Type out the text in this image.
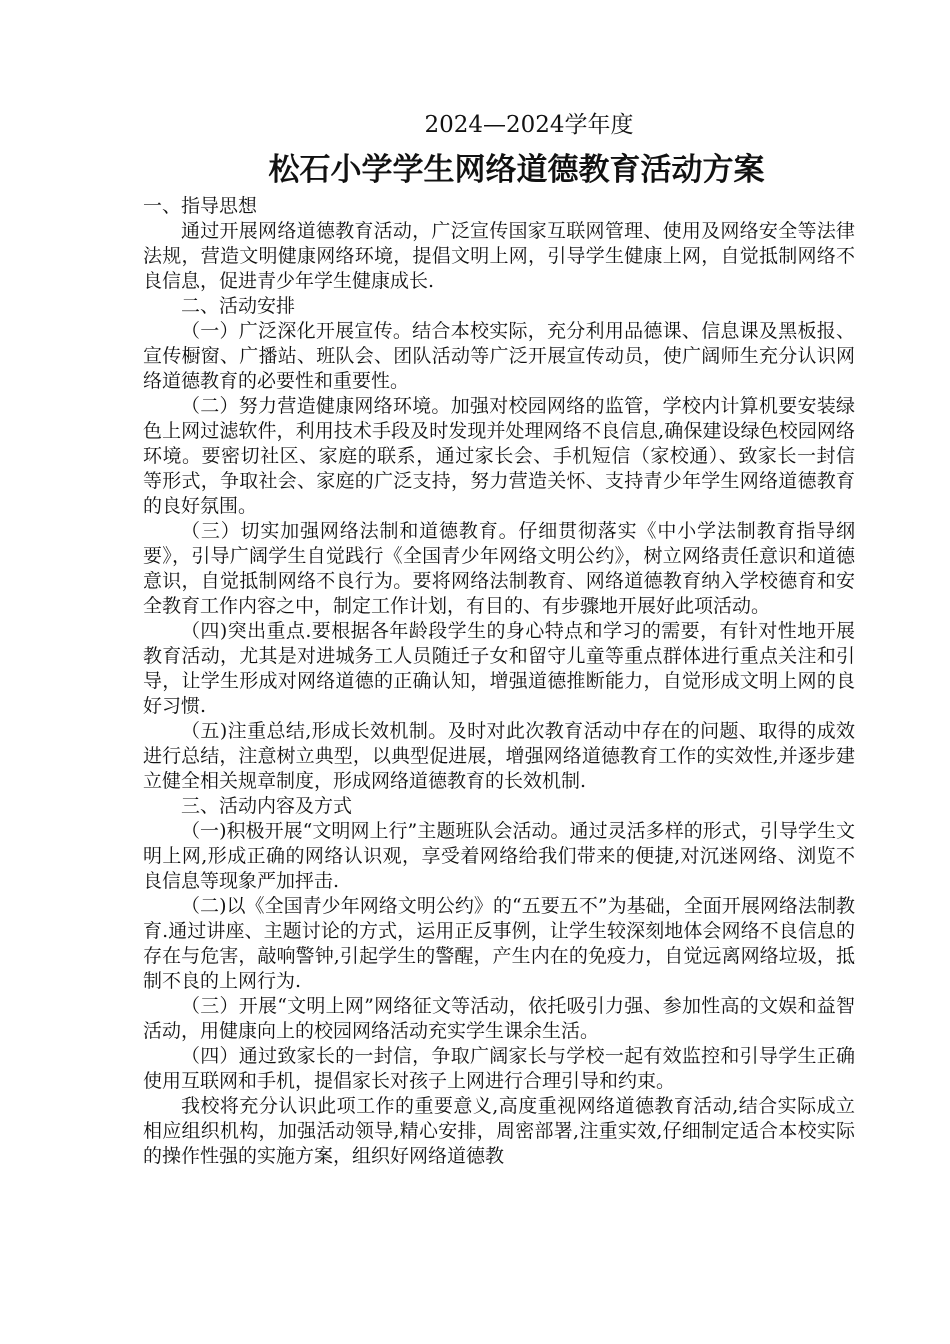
2024—2024学年度
松石小学学生网络道德教育活动方案

一、指导思想

通过开展网络道德教育活动，广泛宣传国家互联网管理、使用及网络安全等法律法规，营造文明健康网络环境，提倡文明上网，引导学生健康上网，自觉抵制网络不良信息，促进青少年学生健康成长.

二、活动安排

（一）广泛深化开展宣传。结合本校实际，充分利用品德课、信息课及黑板报、宣传橱窗、广播站、班队会、团队活动等广泛开展宣传动员，使广阔师生充分认识网络道德教育的必要性和重要性。

（二）努力营造健康网络环境。加强对校园网络的监管，学校内计算机要安装绿色上网过滤软件，利用技术手段及时发现并处理网络不良信息,确保建设绿色校园网络环境。要密切社区、家庭的联系，通过家长会、手机短信（家校通）、致家长一封信等形式，争取社会、家庭的广泛支持，努力营造关怀、支持青少年学生网络道德教育的良好氛围。

（三）切实加强网络法制和道德教育。仔细贯彻落实《中小学法制教育指导纲要》，引导广阔学生自觉践行《全国青少年网络文明公约》，树立网络责任意识和道德意识，自觉抵制网络不良行为。要将网络法制教育、网络道德教育纳入学校德育和安全教育工作内容之中，制定工作计划，有目的、有步骤地开展好此项活动。

（四)突出重点.要根据各年龄段学生的身心特点和学习的需要，有针对性地开展教育活动，尤其是对进城务工人员随迁子女和留守儿童等重点群体进行重点关注和引导，让学生形成对网络道德的正确认知，增强道德推断能力，自觉形成文明上网的良好习惯.

（五)注重总结,形成长效机制。及时对此次教育活动中存在的问题、取得的成效进行总结，注意树立典型，以典型促进展，增强网络道德教育工作的实效性,并逐步建立健全相关规章制度，形成网络道德教育的长效机制.

三、活动内容及方式

（一)积极开展“文明网上行”主题班队会活动。通过灵活多样的形式，引导学生文明上网,形成正确的网络认识观，享受着网络给我们带来的便捷,对沉迷网络、浏览不良信息等现象严加抨击.

（二)以《全国青少年网络文明公约》的“五要五不”为基础，全面开展网络法制教育.通过讲座、主题讨论的方式，运用正反事例，让学生较深刻地体会网络不良信息的存在与危害，敲响警钟,引起学生的警醒，产生内在的免疫力，自觉远离网络垃圾，抵制不良的上网行为.

（三）开展“文明上网”网络征文等活动，依托吸引力强、参加性高的文娱和益智活动，用健康向上的校园网络活动充实学生课余生活。

（四）通过致家长的一封信，争取广阔家长与学校一起有效监控和引导学生正确使用互联网和手机，提倡家长对孩子上网进行合理引导和约束。

我校将充分认识此项工作的重要意义,高度重视网络道德教育活动,结合实际成立相应组织机构，加强活动领导,精心安排，周密部署,注重实效,仔细制定适合本校实际的操作性强的实施方案，组织好网络道德教
